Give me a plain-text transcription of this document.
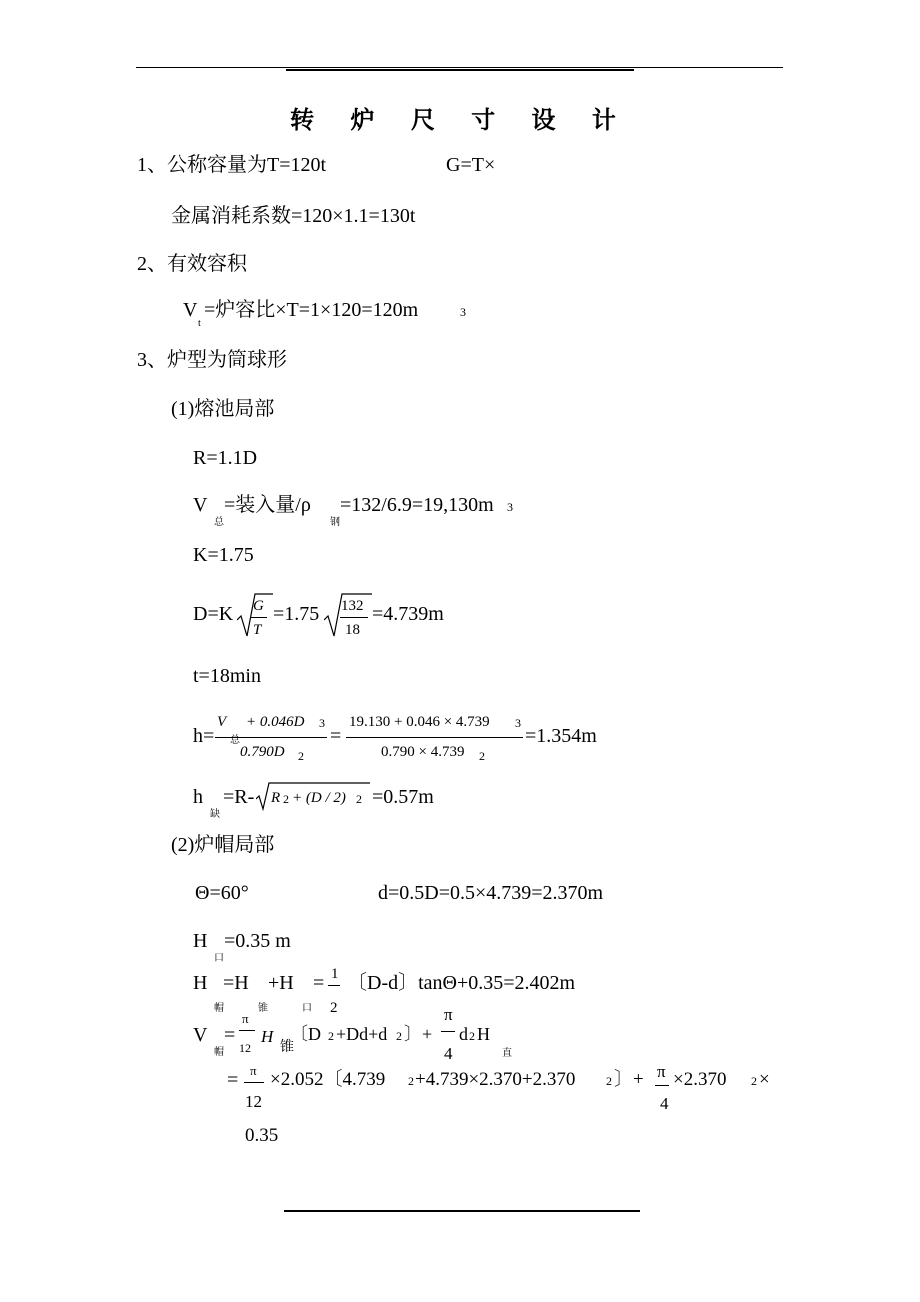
转 炉 尺 寸 设 计
1、公称容量为T=120t	G=T×
金属消耗系数=120×1.1=130t
2、有效容积
V
t
=炉容比×T=1×120=120m	3
3、炉型为筒球形
(1)熔池局部
R=1.1D
V
总
=装入量/ρ
钢
=132/6.9=19,130m 3
K=1.75
D=K G
T
=1.75 132
18
=4.739m
t=18min
h=
V
总
+ 0.046D 3
0.790D 2
=
19.130 + 0.046 × 4.739 3
0.790 × 4.739 2
=1.354m
h
缺
=R- R 2 + (D / 2) 2 =0.57m
(2)炉帽局部
Θ=60°	d=0.5D=0.5×4.739=2.370m
H
口
=0.35 m
H
帽
=H
锥
+H
口
= 1
2
〔D-d〕tanΘ+0.35=2.402m
V
帽
=
π
12
H
锥
〔D 2 +Dd+d 2 〕+
π
4
d 2 H
直
= π
12
×2.052〔4.739 2 +4.739×2.370+2.370	2 〕+ π
4
×2.370 2 ×
0.35
